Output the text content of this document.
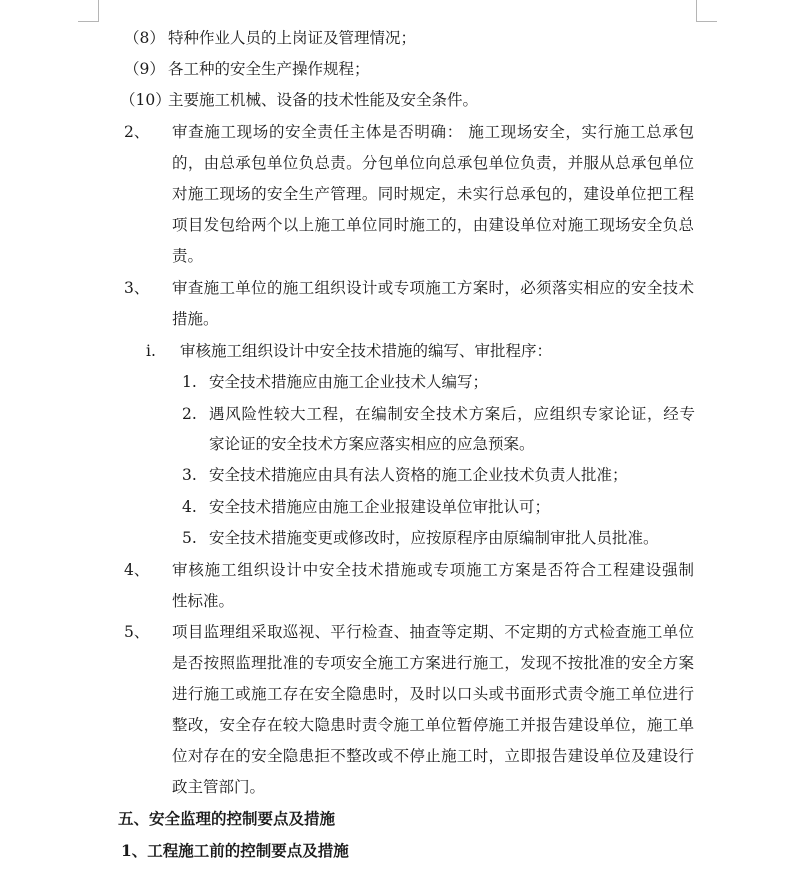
（8） 特种作业人员的上岗证及管理情况；
（9） 各工种的安全生产操作规程；
（10）
主要施工机械、设备的技术性能及安全条件。
2、 审查施工现场的安全责任主体是否明确： 施工现场安全，实行施工总承包
的，由总承包单位负总责。分包单位向总承包单位负责，并服从总承包单位
对施工现场的安全生产管理。同时规定，未实行总承包的，建设单位把工程
项目发包给两个以上施工单位同时施工的，由建设单位对施工现场安全负总
责。
3、 审查施工单位的施工组织设计或专项施工方案时，必须落实相应的安全技术
措施。
i. 审核施工组织设计中安全技术措施的编写、审批程序：
1. 安全技术措施应由施工企业技术人编写；
2. 遇风险性较大工程，在编制安全技术方案后，应组织专家论证，经专
家论证的安全技术方案应落实相应的应急预案。
3. 安全技术措施应由具有法人资格的施工企业技术负责人批准；
4. 安全技术措施应由施工企业报建设单位审批认可；
5. 安全技术措施变更或修改时，应按原程序由原编制审批人员批准。
4、 审核施工组织设计中安全技术措施或专项施工方案是否符合工程建设强制
性标准。
5、 项目监理组采取巡视、平行检查、抽查等定期、不定期的方式检查施工单位
是否按照监理批准的专项安全施工方案进行施工，发现不按批准的安全方案
进行施工或施工存在安全隐患时，及时以口头或书面形式责令施工单位进行
整改，安全存在较大隐患时责令施工单位暂停施工并报告建设单位，施工单
位对存在的安全隐患拒不整改或不停止施工时，立即报告建设单位及建设行
政主管部门。
五、安全监理的控制要点及措施
1、工程施工前的控制要点及措施
